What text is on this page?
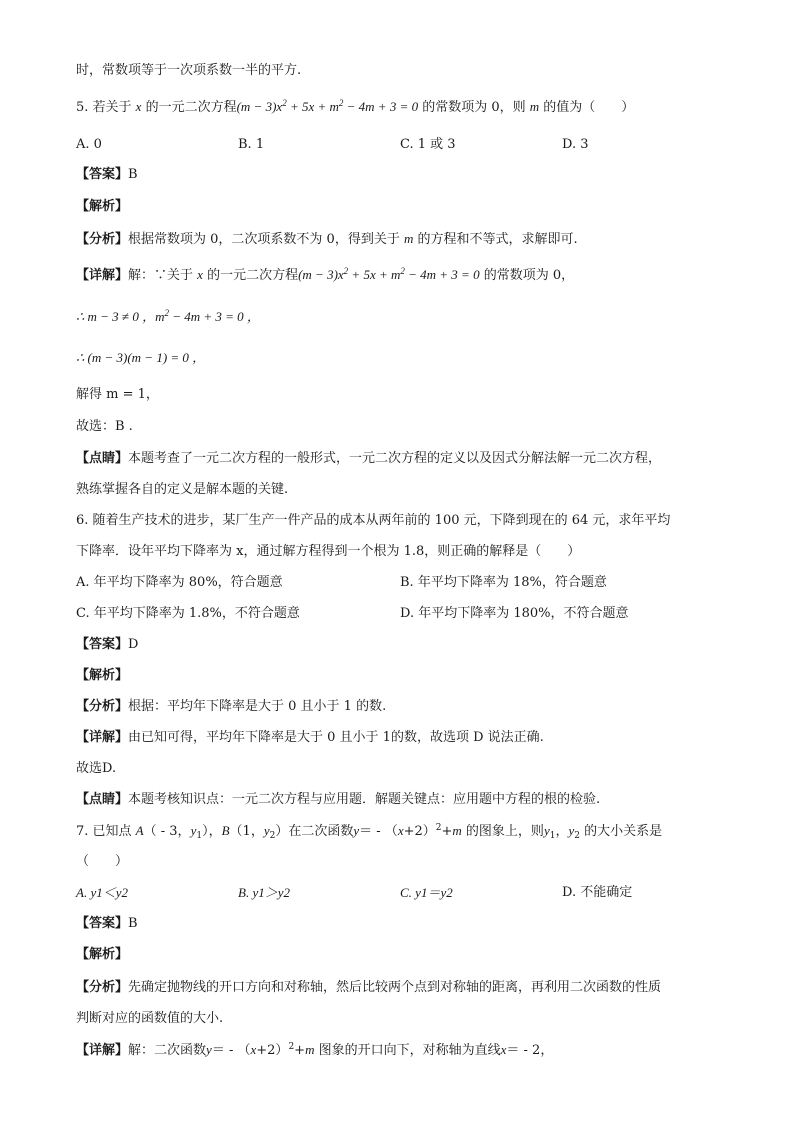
时，常数项等于一次项系数一半的平方.
5. 若关于 x 的一元二次方程$(m - 3)x^2 + 5x + m^2 - 4m + 3 = 0$ 的常数项为 0，则 m 的值为（　　）
A. 0	B. 1	C. 1 或 3	D. 3
【答案】B
【解析】
【分析】根据常数项为 0，二次项系数不为 0，得到关于 m 的方程和不等式，求解即可.
【详解】解：∵关于 x 的一元二次方程$(m - 3)x^2 + 5x + m^2 - 4m + 3 = 0$ 的常数项为 0，
∴ m − 3 ≠ 0 ，$m^2 - 4m + 3 = 0$ ，
∴ (m − 3)(m − 1) = 0 ，
解得 m = 1，
故选：B .
【点睛】本题考查了一元二次方程的一般形式，一元二次方程的定义以及因式分解法解一元二次方程，
熟练掌握各自的定义是解本题的关键.
6. 随着生产技术的进步，某厂生产一件产品的成本从两年前的 100 元，下降到现在的 64 元，求年平均
下降率．设年平均下降率为 x，通过解方程得到一个根为 1.8，则正确的解释是（　　）
A. 年平均下降率为 80%，符合题意	B. 年平均下降率为 18%，符合题意
C. 年平均下降率为 1.8%，不符合题意	D. 年平均下降率为 180%，不符合题意
【答案】D
【解析】
【分析】根据：平均年下降率是大于 0 且小于 1 的数.
【详解】由已知可得，平均年下降率是大于 0 且小于 1的数，故选项 D 说法正确.
故选D.
【点睛】本题考核知识点：一元二次方程与应用题．解题关键点：应用题中方程的根的检验.
7. 已知点 A（ - 3，$y_1$），B（1，$y_2$）在二次函数$y= - (x+2)^2+m$ 的图象上，则$y_1$，$y_2$ 的大小关系是
（　　）
A. y1＜y2	B. y1＞y2	C. y1＝y2	D. 不能确定
【答案】B
【解析】
【分析】先确定抛物线的开口方向和对称轴，然后比较两个点到对称轴的距离，再利用二次函数的性质
判断对应的函数值的大小.
【详解】解：二次函数$y= - (x+2)^2+m$ 图象的开口向下，对称轴为直线x＝ - 2，
